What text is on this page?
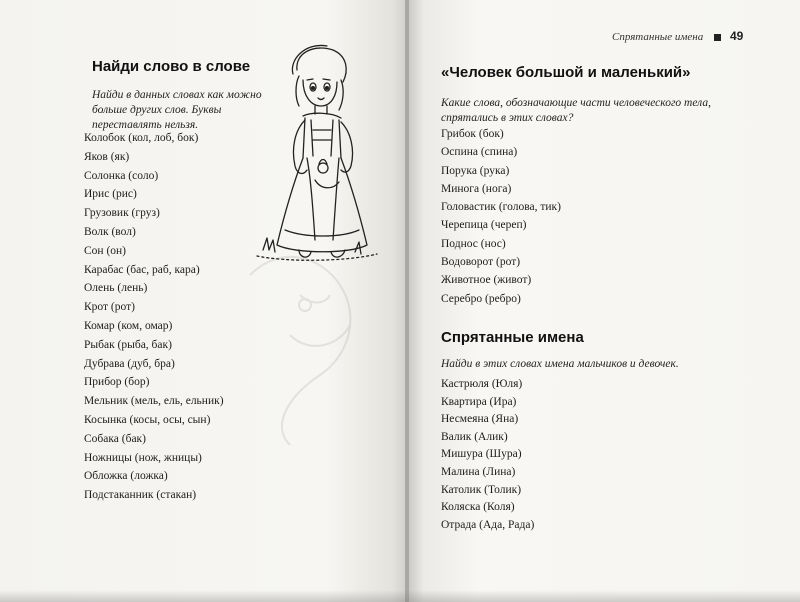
Спрятанные имена 49
Найди слово в слове
Найди в данных словах как можно больше других слов. Буквы переставлять нельзя.
Колобок (кол, лоб, бок)
Яков (як)
Солонка (соло)
Ирис (рис)
Грузовик (груз)
Волк (вол)
Сон (он)
Карабас (бас, раб, кара)
Олень (лень)
Крот (рот)
Комар (ком, омар)
Рыбак (рыба, бак)
Дубрава (дуб, бра)
Прибор (бор)
Мельник (мель, ель, ельник)
Косынка (косы, осы, сын)
Собака (бак)
Ножницы (нож, жницы)
Обложка (ложка)
Подстаканник (стакан)
«Человек большой и маленький»
Какие слова, обозначающие части человеческого тела, спрятались в этих словах?
Грибок (бок)
Оспина (спина)
Порука (рука)
Минога (нога)
Головастик (голова, тик)
Черепица (череп)
Поднос (нос)
Водоворот (рот)
Животное (живот)
Серебро (ребро)
Спрятанные имена
Найди в этих словах имена мальчиков и девочек.
Кастрюля (Юля)
Квартира (Ира)
Несмеяна (Яна)
Валик (Алик)
Мишура (Шура)
Малина (Лина)
Католик (Толик)
Коляска (Коля)
Отрада (Ада, Рада)
